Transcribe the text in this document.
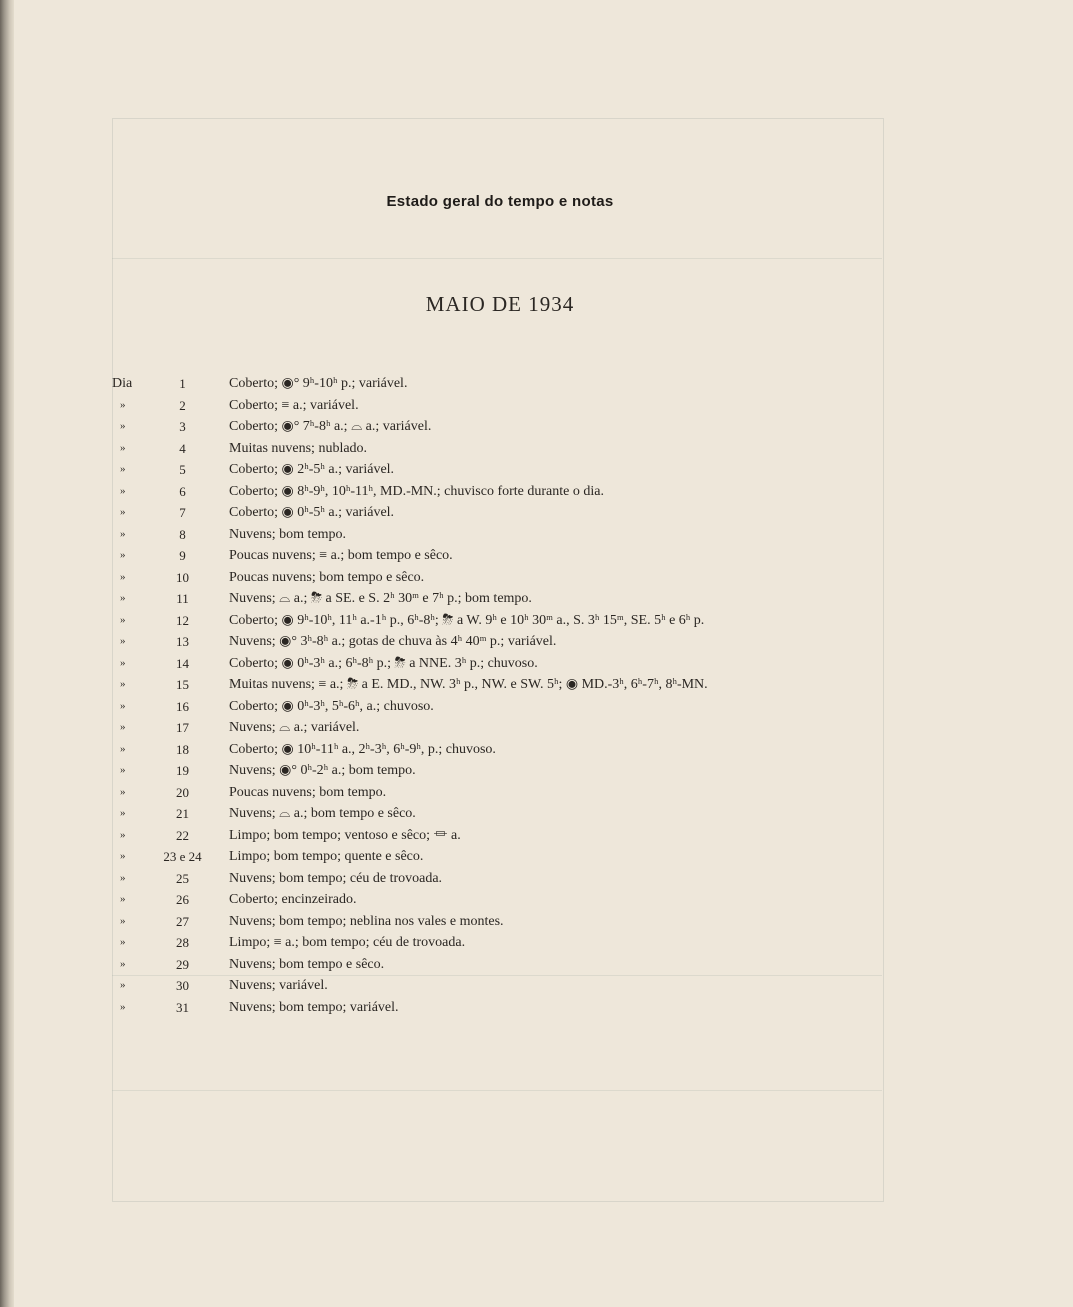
Estado geral do tempo e notas
MAIO DE 1934
Dia	1	Coberto; ◉° 9ʰ-10ʰ p.; variável.
»	2	Coberto; ≡ a.; variável.
»	3	Coberto; ◉° 7ʰ-8ʰ a.; ⌓ a.; variável.
»	4	Muitas nuvens; nublado.
»	5	Coberto; ◉ 2ʰ-5ʰ a.; variável.
»	6	Coberto; ◉ 8ʰ-9ʰ, 10ʰ-11ʰ, MD.-MN.; chuvisco forte durante o dia.
»	7	Coberto; ◉ 0ʰ-5ʰ a.; variável.
»	8	Nuvens; bom tempo.
»	9	Poucas nuvens; ≡ a.; bom tempo e sêco.
»	10	Poucas nuvens; bom tempo e sêco.
»	11	Nuvens; ⌓ a.; ⛈ a SE. e S. 2ʰ 30ᵐ e 7ʰ p.; bom tempo.
»	12	Coberto; ◉ 9ʰ-10ʰ, 11ʰ a.-1ʰ p., 6ʰ-8ʰ; ⛈ a W. 9ʰ e 10ʰ 30ᵐ a., S. 3ʰ 15ᵐ, SE. 5ʰ e 6ʰ p.
»	13	Nuvens; ◉° 3ʰ-8ʰ a.; gotas de chuva às 4ʰ 40ᵐ p.; variável.
»	14	Coberto; ◉ 0ʰ-3ʰ a.; 6ʰ-8ʰ p.; ⛈ a NNE. 3ʰ p.; chuvoso.
»	15	Muitas nuvens; ≡ a.; ⛈ a E. MD., NW. 3ʰ p., NW. e SW. 5ʰ; ◉ MD.-3ʰ, 6ʰ-7ʰ, 8ʰ-MN.
»	16	Coberto; ◉ 0ʰ-3ʰ, 5ʰ-6ʰ, a.; chuvoso.
»	17	Nuvens; ⌓ a.; variável.
»	18	Coberto; ◉ 10ʰ-11ʰ a., 2ʰ-3ʰ, 6ʰ-9ʰ, p.; chuvoso.
»	19	Nuvens; ◉° 0ʰ-2ʰ a.; bom tempo.
»	20	Poucas nuvens; bom tempo.
»	21	Nuvens; ⌓ a.; bom tempo e sêco.
»	22	Limpo; bom tempo; ventoso e sêco; ⏛ a.
»	23 e 24	Limpo; bom tempo; quente e sêco.
»	25	Nuvens; bom tempo; céu de trovoada.
»	26	Coberto; encinzeirado.
»	27	Nuvens; bom tempo; neblina nos vales e montes.
»	28	Limpo; ≡ a.; bom tempo; céu de trovoada.
»	29	Nuvens; bom tempo e sêco.
»	30	Nuvens; variável.
»	31	Nuvens; bom tempo; variável.
